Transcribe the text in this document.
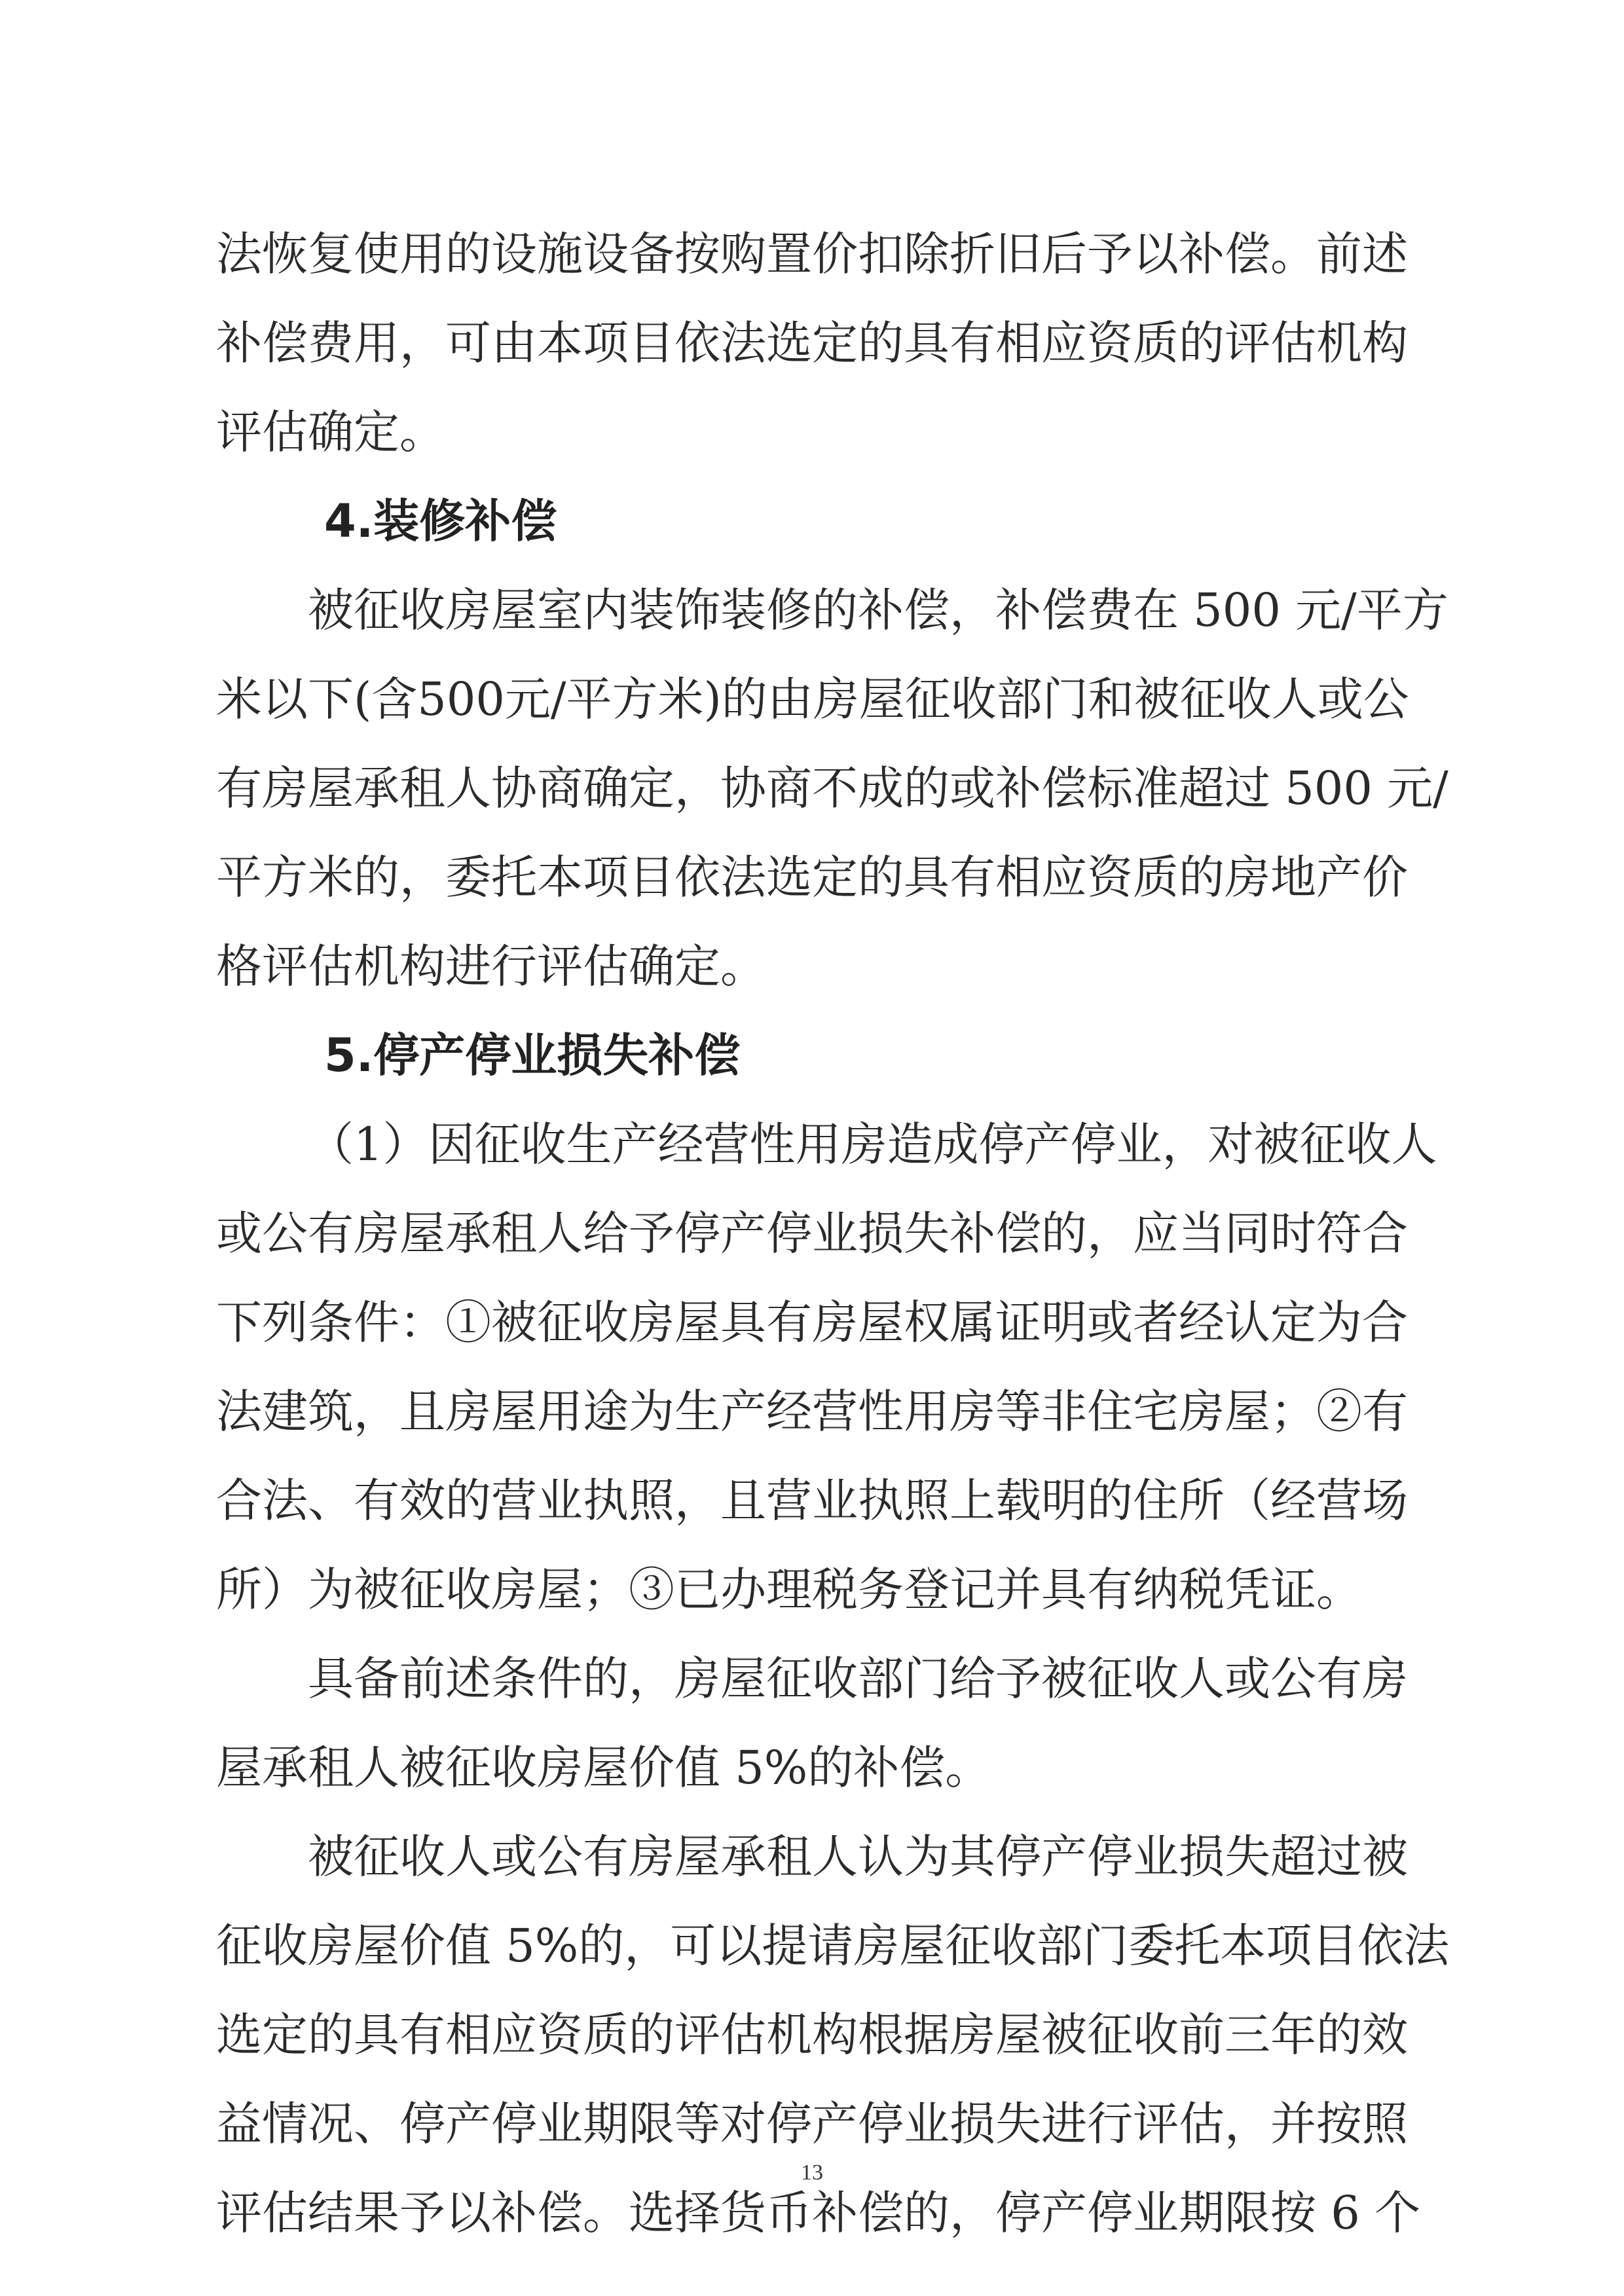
法恢复使用的设施设备按购置价扣除折旧后予以补偿。前述
补偿费用，可由本项目依法选定的具有相应资质的评估机构
评估确定。
4.装修补偿
被征收房屋室内装饰装修的补偿，补偿费在 500 元/平方
米以下(含500元/平方米)的由房屋征收部门和被征收人或公
有房屋承租人协商确定，协商不成的或补偿标准超过 500 元/
平方米的，委托本项目依法选定的具有相应资质的房地产价
格评估机构进行评估确定。
5.停产停业损失补偿
（1）因征收生产经营性用房造成停产停业，对被征收人
或公有房屋承租人给予停产停业损失补偿的，应当同时符合
下列条件：①被征收房屋具有房屋权属证明或者经认定为合
法建筑，且房屋用途为生产经营性用房等非住宅房屋；②有
合法、有效的营业执照，且营业执照上载明的住所（经营场
所）为被征收房屋；③已办理税务登记并具有纳税凭证。
具备前述条件的，房屋征收部门给予被征收人或公有房
屋承租人被征收房屋价值 5%的补偿。
被征收人或公有房屋承租人认为其停产停业损失超过被
征收房屋价值 5%的，可以提请房屋征收部门委托本项目依法
选定的具有相应资质的评估机构根据房屋被征收前三年的效
益情况、停产停业期限等对停产停业损失进行评估，并按照
评估结果予以补偿。选择货币补偿的，停产停业期限按 6 个
13
